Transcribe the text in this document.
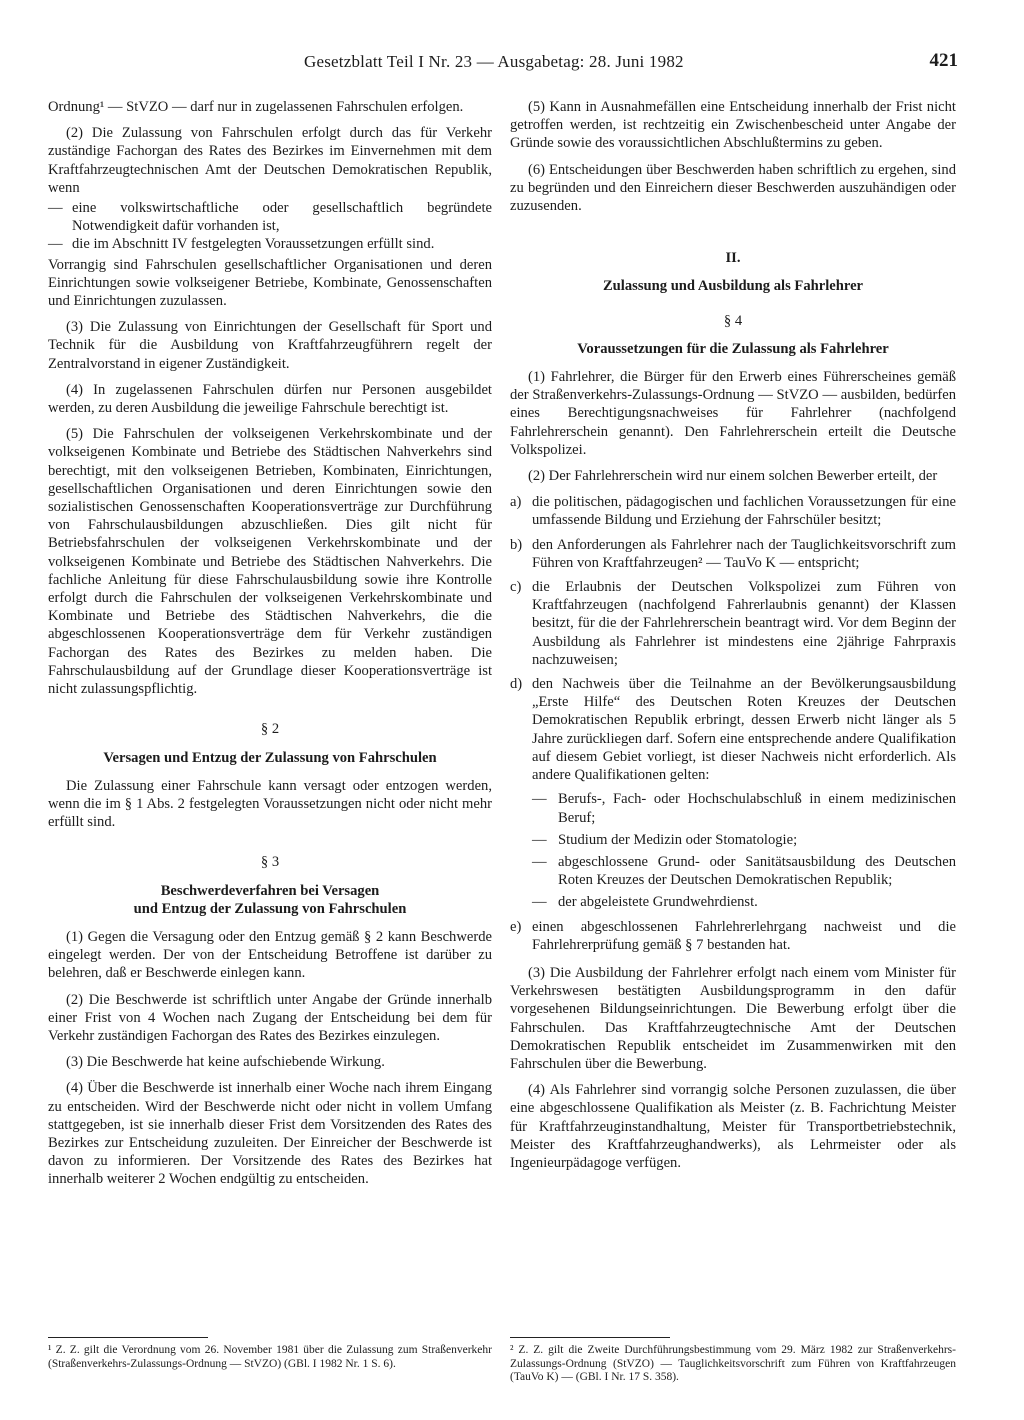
Gesetzblatt Teil I Nr. 23 — Ausgabetag: 28. Juni 1982	421

Ordnung¹ — StVZO — darf nur in zugelassenen Fahrschulen erfolgen.

(2) Die Zulassung von Fahrschulen erfolgt durch das für Verkehr zuständige Fachorgan des Rates des Bezirkes im Einvernehmen mit dem Kraftfahrzeugtechnischen Amt der Deutschen Demokratischen Republik, wenn

— eine volkswirtschaftliche oder gesellschaftlich begründete Notwendigkeit dafür vorhanden ist,
— die im Abschnitt IV festgelegten Voraussetzungen erfüllt sind.

Vorrangig sind Fahrschulen gesellschaftlicher Organisationen und deren Einrichtungen sowie volkseigener Betriebe, Kombinate, Genossenschaften und Einrichtungen zuzulassen.

(3) Die Zulassung von Einrichtungen der Gesellschaft für Sport und Technik für die Ausbildung von Kraftfahrzeugführern regelt der Zentralvorstand in eigener Zuständigkeit.

(4) In zugelassenen Fahrschulen dürfen nur Personen ausgebildet werden, zu deren Ausbildung die jeweilige Fahrschule berechtigt ist.

(5) Die Fahrschulen der volkseigenen Verkehrskombinate und der volkseigenen Kombinate und Betriebe des Städtischen Nahverkehrs sind berechtigt, mit den volkseigenen Betrieben, Kombinaten, Einrichtungen, gesellschaftlichen Organisationen und deren Einrichtungen sowie den sozialistischen Genossenschaften Kooperationsverträge zur Durchführung von Fahrschulausbildungen abzuschließen. Dies gilt nicht für Betriebsfahrschulen der volkseigenen Verkehrskombinate und der volkseigenen Kombinate und Betriebe des Städtischen Nahverkehrs. Die fachliche Anleitung für diese Fahrschulausbildung sowie ihre Kontrolle erfolgt durch die Fahrschulen der volkseigenen Verkehrskombinate und Kombinate und Betriebe des Städtischen Nahverkehrs, die die abgeschlossenen Kooperationsverträge dem für Verkehr zuständigen Fachorgan des Rates des Bezirkes zu melden haben. Die Fahrschulausbildung auf der Grundlage dieser Kooperationsverträge ist nicht zulassungspflichtig.

§ 2
Versagen und Entzug der Zulassung von Fahrschulen

Die Zulassung einer Fahrschule kann versagt oder entzogen werden, wenn die im § 1 Abs. 2 festgelegten Voraussetzungen nicht oder nicht mehr erfüllt sind.

§ 3
Beschwerdeverfahren bei Versagen
und Entzug der Zulassung von Fahrschulen

(1) Gegen die Versagung oder den Entzug gemäß § 2 kann Beschwerde eingelegt werden. Der von der Entscheidung Betroffene ist darüber zu belehren, daß er Beschwerde einlegen kann.

(2) Die Beschwerde ist schriftlich unter Angabe der Gründe innerhalb einer Frist von 4 Wochen nach Zugang der Entscheidung bei dem für Verkehr zuständigen Fachorgan des Rates des Bezirkes einzulegen.

(3) Die Beschwerde hat keine aufschiebende Wirkung.

(4) Über die Beschwerde ist innerhalb einer Woche nach ihrem Eingang zu entscheiden. Wird der Beschwerde nicht oder nicht in vollem Umfang stattgegeben, ist sie innerhalb dieser Frist dem Vorsitzenden des Rates des Bezirkes zur Entscheidung zuzuleiten. Der Einreicher der Beschwerde ist davon zu informieren. Der Vorsitzende des Rates des Bezirkes hat innerhalb weiterer 2 Wochen endgültig zu entscheiden.

¹ Z. Z. gilt die Verordnung vom 26. November 1981 über die Zulassung zum Straßenverkehr (Straßenverkehrs-Zulassungs-Ordnung — StVZO) (GBl. I 1982 Nr. 1 S. 6).

(5) Kann in Ausnahmefällen eine Entscheidung innerhalb der Frist nicht getroffen werden, ist rechtzeitig ein Zwischenbescheid unter Angabe der Gründe sowie des voraussichtlichen Abschlußtermins zu geben.

(6) Entscheidungen über Beschwerden haben schriftlich zu ergehen, sind zu begründen und den Einreichern dieser Beschwerden auszuhändigen oder zuzusenden.

II.
Zulassung und Ausbildung als Fahrlehrer
§ 4
Voraussetzungen für die Zulassung als Fahrlehrer

(1) Fahrlehrer, die Bürger für den Erwerb eines Führerscheines gemäß der Straßenverkehrs-Zulassungs-Ordnung — StVZO — ausbilden, bedürfen eines Berechtigungsnachweises für Fahrlehrer (nachfolgend Fahrlehrerschein genannt). Den Fahrlehrerschein erteilt die Deutsche Volkspolizei.

(2) Der Fahrlehrerschein wird nur einem solchen Bewerber erteilt, der

a) die politischen, pädagogischen und fachlichen Voraussetzungen für eine umfassende Bildung und Erziehung der Fahrschüler besitzt;
b) den Anforderungen als Fahrlehrer nach der Tauglichkeitsvorschrift zum Führen von Kraftfahrzeugen² — TauVo K — entspricht;
c) die Erlaubnis der Deutschen Volkspolizei zum Führen von Kraftfahrzeugen (nachfolgend Fahrerlaubnis genannt) der Klassen besitzt, für die der Fahrlehrerschein beantragt wird. Vor dem Beginn der Ausbildung als Fahrlehrer ist mindestens eine 2jährige Fahrpraxis nachzuweisen;
d) den Nachweis über die Teilnahme an der Bevölkerungsausbildung „Erste Hilfe“ des Deutschen Roten Kreuzes der Deutschen Demokratischen Republik erbringt, dessen Erwerb nicht länger als 5 Jahre zurückliegen darf. Sofern eine entsprechende andere Qualifikation auf diesem Gebiet vorliegt, ist dieser Nachweis nicht erforderlich. Als andere Qualifikationen gelten:
— Berufs-, Fach- oder Hochschulabschluß in einem medizinischen Beruf;
— Studium der Medizin oder Stomatologie;
— abgeschlossene Grund- oder Sanitätsausbildung des Deutschen Roten Kreuzes der Deutschen Demokratischen Republik;
— der abgeleistete Grundwehrdienst.
e) einen abgeschlossenen Fahrlehrerlehrgang nachweist und die Fahrlehrerprüfung gemäß § 7 bestanden hat.

(3) Die Ausbildung der Fahrlehrer erfolgt nach einem vom Minister für Verkehrswesen bestätigten Ausbildungsprogramm in den dafür vorgesehenen Bildungseinrichtungen. Die Bewerbung erfolgt über die Fahrschulen. Das Kraftfahrzeugtechnische Amt der Deutschen Demokratischen Republik entscheidet im Zusammenwirken mit den Fahrschulen über die Bewerbung.

(4) Als Fahrlehrer sind vorrangig solche Personen zuzulassen, die über eine abgeschlossene Qualifikation als Meister (z. B. Fachrichtung Meister für Kraftfahrzeuginstandhaltung, Meister für Transportbetriebstechnik, Meister des Kraftfahrzeughandwerks), als Lehrmeister oder als Ingenieurpädagoge verfügen.

² Z. Z. gilt die Zweite Durchführungsbestimmung vom 29. März 1982 zur Straßenverkehrs-Zulassungs-Ordnung (StVZO) — Tauglichkeitsvorschrift zum Führen von Kraftfahrzeugen (TauVo K) — (GBl. I Nr. 17 S. 358).
